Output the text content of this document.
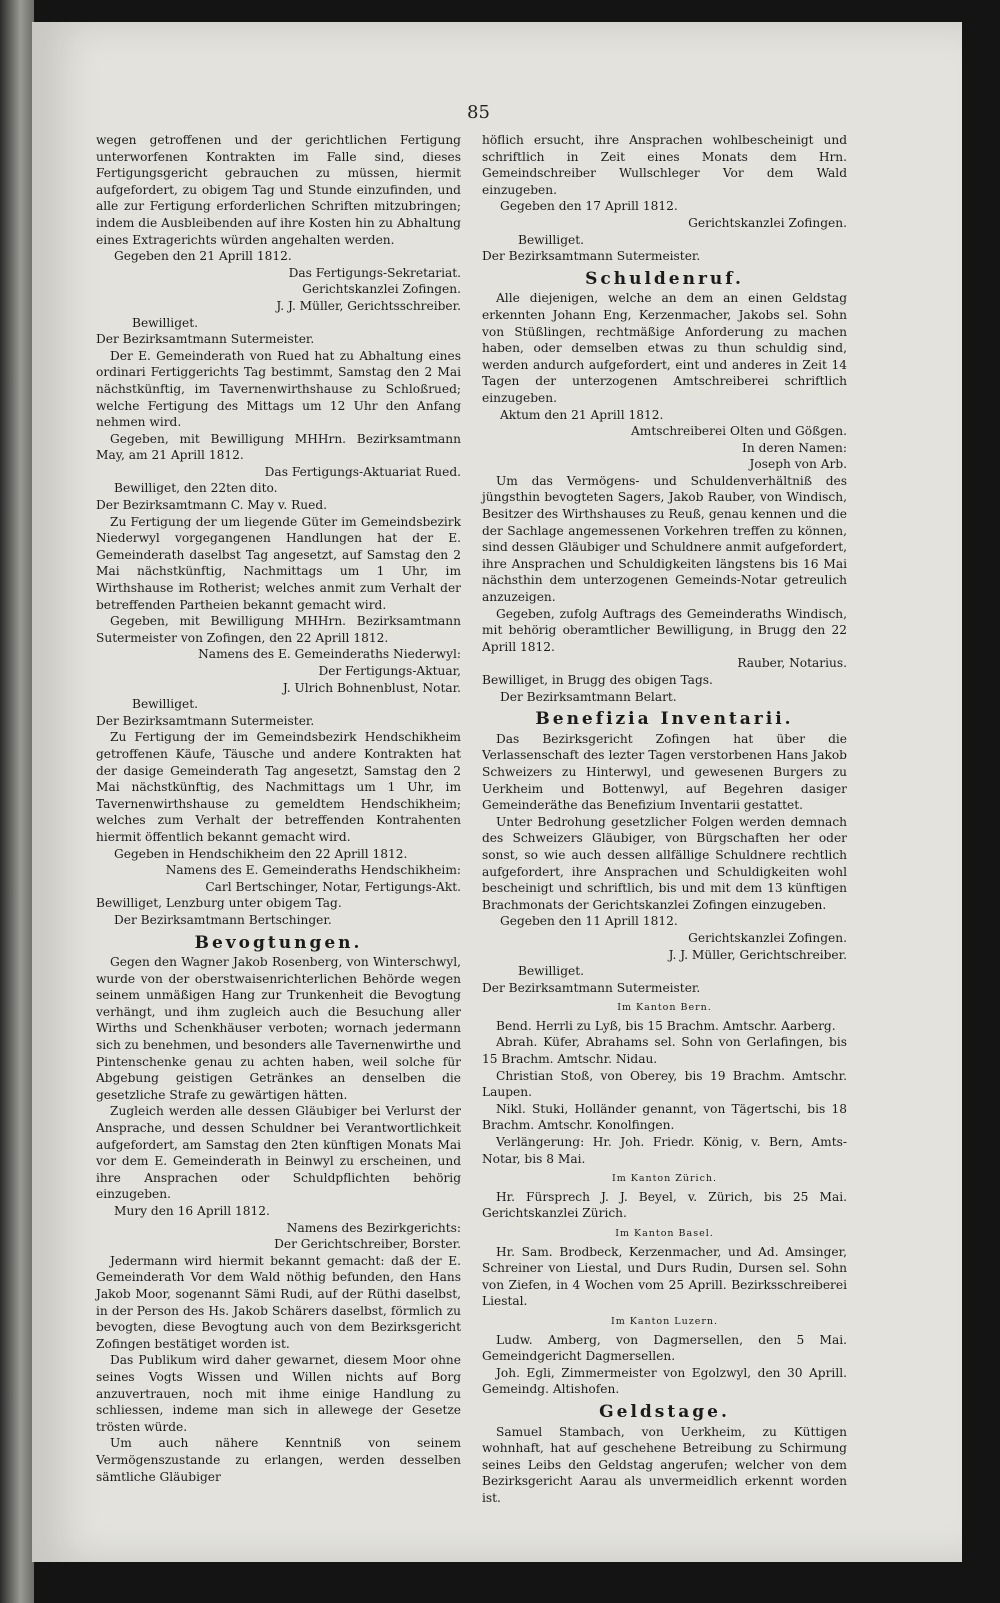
85

wegen getroffenen und der gerichtlichen Fertigung unterworfenen Kontrakten im Falle sind, dieses Fertigungsgericht gebrauchen zu müssen, hiermit aufgefordert, zu obigem Tag und Stunde einzufinden, und alle zur Fertigung erforderlichen Schriften mitzubringen; indem die Ausbleibenden auf ihre Kosten hin zu Abhaltung eines Extragerichts würden angehalten werden.

Gegeben den 21 Aprill 1812.

Das Fertigungs-Sekretariat.

Gerichtskanzlei Zofingen.

J. J. Müller, Gerichtsschreiber.

Bewilliget.

Der Bezirksamtmann Sutermeister.

Der E. Gemeinderath von Rued hat zu Abhaltung eines ordinari Fertiggerichts Tag bestimmt, Samstag den 2 Mai nächstkünftig, im Tavernenwirthshause zu Schloßrued; welche Fertigung des Mittags um 12 Uhr den Anfang nehmen wird.

Gegeben, mit Bewilligung MHHrn. Bezirksamtmann May, am 21 Aprill 1812.

Das Fertigungs-Aktuariat Rued.

Bewilliget, den 22ten dito.

Der Bezirksamtmann C. May v. Rued.

Zu Fertigung der um liegende Güter im Gemeindsbezirk Niederwyl vorgegangenen Handlungen hat der E. Gemeinderath daselbst Tag angesetzt, auf Samstag den 2 Mai nächstkünftig, Nachmittags um 1 Uhr, im Wirthshause im Rotherist; welches anmit zum Verhalt der betreffenden Partheien bekannt gemacht wird.

Gegeben, mit Bewilligung MHHrn. Bezirksamtmann Sutermeister von Zofingen, den 22 Aprill 1812.

Namens des E. Gemeinderaths Niederwyl:

Der Fertigungs-Aktuar,

J. Ulrich Bohnenblust, Notar.

Bewilliget.

Der Bezirksamtmann Sutermeister.

Zu Fertigung der im Gemeindsbezirk Hendschikheim getroffenen Käufe, Täusche und andere Kontrakten hat der dasige Gemeinderath Tag angesetzt, Samstag den 2 Mai nächstkünftig, des Nachmittags um 1 Uhr, im Tavernenwirthshause zu gemeldtem Hendschikheim; welches zum Verhalt der betreffenden Kontrahenten hiermit öffentlich bekannt gemacht wird.

Gegeben in Hendschikheim den 22 Aprill 1812.

Namens des E. Gemeinderaths Hendschikheim:

Carl Bertschinger, Notar, Fertigungs-Akt.

Bewilliget, Lenzburg unter obigem Tag.

Der Bezirksamtmann Bertschinger.

Bevogtungen.

Gegen den Wagner Jakob Rosenberg, von Winterschwyl, wurde von der oberstwaisenrichterlichen Behörde wegen seinem unmäßigen Hang zur Trunkenheit die Bevogtung verhängt, und ihm zugleich auch die Besuchung aller Wirths und Schenkhäuser verboten; wornach jedermann sich zu benehmen, und besonders alle Tavernenwirthe und Pintenschenke genau zu achten haben, weil solche für Abgebung geistigen Getränkes an denselben die gesetzliche Strafe zu gewärtigen hätten.

Zugleich werden alle dessen Gläubiger bei Verlurst der Ansprache, und dessen Schuldner bei Verantwortlichkeit aufgefordert, am Samstag den 2ten künftigen Monats Mai vor dem E. Gemeinderath in Beinwyl zu erscheinen, und ihre Ansprachen oder Schuldpflichten behörig einzugeben.

Mury den 16 Aprill 1812.

Namens des Bezirkgerichts:

Der Gerichtschreiber, Borster.

Jedermann wird hiermit bekannt gemacht: daß der E. Gemeinderath Vor dem Wald nöthig befunden, den Hans Jakob Moor, sogenannt Sämi Rudi, auf der Rüthi daselbst, in der Person des Hs. Jakob Schärers daselbst, förmlich zu bevogten, diese Bevogtung auch von dem Bezirksgericht Zofingen bestätiget worden ist.

Das Publikum wird daher gewarnet, diesem Moor ohne seines Vogts Wissen und Willen nichts auf Borg anzuvertrauen, noch mit ihme einige Handlung zu schliessen, indeme man sich in allewege der Gesetze trösten würde.

Um auch nähere Kenntniß von seinem Vermögenszustande zu erlangen, werden desselben sämtliche Gläubiger

höflich ersucht, ihre Ansprachen wohlbescheinigt und schriftlich in Zeit eines Monats dem Hrn. Gemeindschreiber Wullschleger Vor dem Wald einzugeben.

Gegeben den 17 Aprill 1812.

Gerichtskanzlei Zofingen.

Bewilliget.

Der Bezirksamtmann Sutermeister.

Schuldenruf.

Alle diejenigen, welche an dem an einen Geldstag erkennten Johann Eng, Kerzenmacher, Jakobs sel. Sohn von Stüßlingen, rechtmäßige Anforderung zu machen haben, oder demselben etwas zu thun schuldig sind, werden andurch aufgefordert, eint und anderes in Zeit 14 Tagen der unterzogenen Amtschreiberei schriftlich einzugeben.

Aktum den 21 Aprill 1812.

Amtschreiberei Olten und Gößgen.

In deren Namen:

Joseph von Arb.

Um das Vermögens- und Schuldenverhältniß des jüngsthin bevogteten Sagers, Jakob Rauber, von Windisch, Besitzer des Wirthshauses zu Reuß, genau kennen und die der Sachlage angemessenen Vorkehren treffen zu können, sind dessen Gläubiger und Schuldnere anmit aufgefordert, ihre Ansprachen und Schuldigkeiten längstens bis 16 Mai nächsthin dem unterzogenen Gemeinds-Notar getreulich anzuzeigen.

Gegeben, zufolg Auftrags des Gemeinderaths Windisch, mit behörig oberamtlicher Bewilligung, in Brugg den 22 Aprill 1812.

Rauber, Notarius.

Bewilliget, in Brugg des obigen Tags.

Der Bezirksamtmann Belart.

Benefizia Inventarii.

Das Bezirksgericht Zofingen hat über die Verlassenschaft des lezter Tagen verstorbenen Hans Jakob Schweizers zu Hinterwyl, und gewesenen Burgers zu Uerkheim und Bottenwyl, auf Begehren dasiger Gemeinderäthe das Benefizium Inventarii gestattet.

Unter Bedrohung gesetzlicher Folgen werden demnach des Schweizers Gläubiger, von Bürgschaften her oder sonst, so wie auch dessen allfällige Schuldnere rechtlich aufgefordert, ihre Ansprachen und Schuldigkeiten wohl bescheinigt und schriftlich, bis und mit dem 13 künftigen Brachmonats der Gerichtskanzlei Zofingen einzugeben.

Gegeben den 11 Aprill 1812.

Gerichtskanzlei Zofingen.

J. J. Müller, Gerichtschreiber.

Bewilliget.

Der Bezirksamtmann Sutermeister.

Im Kanton Bern.

Bend. Herrli zu Lyß, bis 15 Brachm. Amtschr. Aarberg.

Abrah. Küfer, Abrahams sel. Sohn von Gerlafingen, bis 15 Brachm. Amtschr. Nidau.

Christian Stoß, von Oberey, bis 19 Brachm. Amtschr. Laupen.

Nikl. Stuki, Holländer genannt, von Tägertschi, bis 18 Brachm. Amtschr. Konolfingen.

Verlängerung: Hr. Joh. Friedr. König, v. Bern, Amts-Notar, bis 8 Mai.

Im Kanton Zürich.

Hr. Fürsprech J. J. Beyel, v. Zürich, bis 25 Mai. Gerichtskanzlei Zürich.

Im Kanton Basel.

Hr. Sam. Brodbeck, Kerzenmacher, und Ad. Amsinger, Schreiner von Liestal, und Durs Rudin, Dursen sel. Sohn von Ziefen, in 4 Wochen vom 25 Aprill. Bezirksschreiberei Liestal.

Im Kanton Luzern.

Ludw. Amberg, von Dagmersellen, den 5 Mai. Gemeindgericht Dagmersellen.

Joh. Egli, Zimmermeister von Egolzwyl, den 30 Aprill. Gemeindg. Altishofen.

Geldstage.

Samuel Stambach, von Uerkheim, zu Küttigen wohnhaft, hat auf geschehene Betreibung zu Schirmung seines Leibs den Geldstag angerufen; welcher von dem Bezirksgericht Aarau als unvermeidlich erkennt worden ist.
